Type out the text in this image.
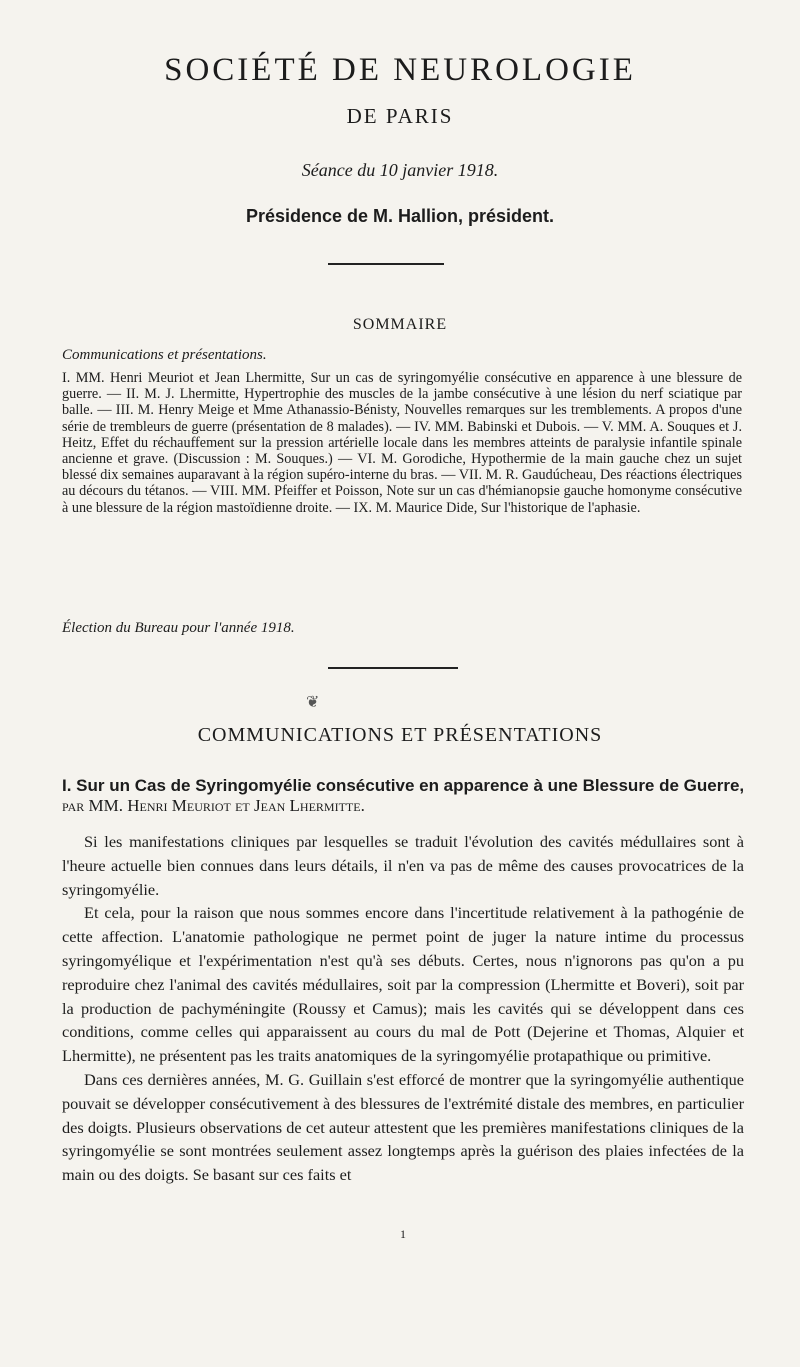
SOCIÉTÉ DE NEUROLOGIE
DE PARIS
Séance du 10 janvier 1918.
Présidence de M. Hallion, président.
SOMMAIRE
Communications et présentations.

I. MM. Henri Meuriot et Jean Lhermitte, Sur un cas de syringomyélie consécutive en apparence à une blessure de guerre. — II. M. J. Lhermitte, Hypertrophie des muscles de la jambe consécutive à une lésion du nerf sciatique par balle. — III. M. Henry Meige et Mme Athanassio-Bénisty, Nouvelles remarques sur les tremblements. A propos d'une série de trembleurs de guerre (présentation de 8 malades). — IV. MM. Babinski et Dubois. — V. MM. A. Souques et J. Heitz, Effet du réchauffement sur la pression artérielle locale dans les membres atteints de paralysie infantile spinale ancienne et grave. (Discussion : M. Souques.) — VI. M. Gorodiche, Hypothermie de la main gauche chez un sujet blessé dix semaines auparavant à la région supéro-interne du bras. — VII. M. R. Gaudúcheau, Des réactions électriques au décours du tétanos. — VIII. MM. Pfeiffer et Poisson, Note sur un cas d'hémianopsie gauche homonyme consécutive à une blessure de la région mastoïdienne droite. — IX. M. Maurice Dide, Sur l'historique de l'aphasie.

Élection du Bureau pour l'année 1918.
❦
COMMUNICATIONS ET PRÉSENTATIONS
I. Sur un Cas de Syringomyélie consécutive en apparence à une Blessure de Guerre, par MM. Henri Meuriot et Jean Lhermitte.

Si les manifestations cliniques par lesquelles se traduit l'évolution des cavités médullaires sont à l'heure actuelle bien connues dans leurs détails, il n'en va pas de même des causes provocatrices de la syringomyélie.

Et cela, pour la raison que nous sommes encore dans l'incertitude relativement à la pathogénie de cette affection. L'anatomie pathologique ne permet point de juger la nature intime du processus syringomyélique et l'expérimentation n'est qu'à ses débuts. Certes, nous n'ignorons pas qu'on a pu reproduire chez l'animal des cavités médullaires, soit par la compression (Lhermitte et Boveri), soit par la production de pachyméningite (Roussy et Camus); mais les cavités qui se développent dans ces conditions, comme celles qui apparaissent au cours du mal de Pott (Dejerine et Thomas, Alquier et Lhermitte), ne présentent pas les traits anatomiques de la syringomyélie protapathique ou primitive.

Dans ces dernières années, M. G. Guillain s'est efforcé de montrer que la syringomyélie authentique pouvait se développer consécutivement à des blessures de l'extrémité distale des membres, en particulier des doigts. Plusieurs observations de cet auteur attestent que les premières manifestations cliniques de la syringomyélie se sont montrées seulement assez longtemps après la guérison des plaies infectées de la main ou des doigts. Se basant sur ces faits et

1
